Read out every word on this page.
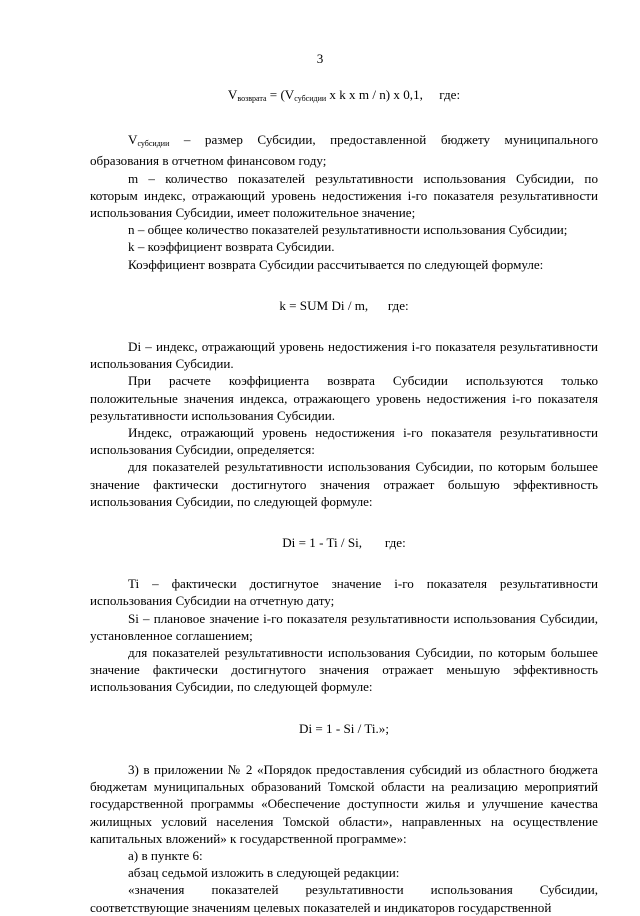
3

$V_{возврата} = (V_{субсидии}$ x k x m / n) x 0,1,     где:

$V_{субсидии}$ – размер Субсидии, предоставленной бюджету муниципального образования в отчетном финансовом году;

m – количество показателей результативности использования Субсидии, по которым индекс, отражающий уровень недостижения i-го показателя результативности использования Субсидии, имеет положительное значение;

n – общее количество показателей результативности использования Субсидии;

k – коэффициент возврата Субсидии.

Коэффициент возврата Субсидии рассчитывается по следующей формуле:

k = SUM Di / m,      где:

Di – индекс, отражающий уровень недостижения i-го показателя результативности использования Субсидии.

При расчете коэффициента возврата Субсидии используются только положительные значения индекса, отражающего уровень недостижения i-го показателя результативности использования Субсидии.

Индекс, отражающий уровень недостижения i-го показателя результативности использования Субсидии, определяется:

для показателей результативности использования Субсидии, по которым большее значение фактически достигнутого значения отражает большую эффективность использования Субсидии, по следующей формуле:

Di = 1 - Ti / Si,       где:

Ti – фактически достигнутое значение i-го показателя результативности использования Субсидии на отчетную дату;

Si – плановое значение i-го показателя результативности использования Субсидии, установленное соглашением;

для показателей результативности использования Субсидии, по которым большее значение фактически достигнутого значения отражает меньшую эффективность использования Субсидии, по следующей формуле:

Di = 1 - Si / Ti.»;

3) в приложении № 2 «Порядок предоставления субсидий из областного бюджета бюджетам муниципальных образований Томской области на реализацию мероприятий государственной программы «Обеспечение доступности жилья и улучшение качества жилищных условий населения Томской области», направленных на осуществление капитальных вложений» к государственной программе»:

а) в пункте 6:

абзац седьмой изложить в следующей редакции:

«значения показателей результативности использования Субсидии, соответствующие значениям целевых показателей и индикаторов государственной
